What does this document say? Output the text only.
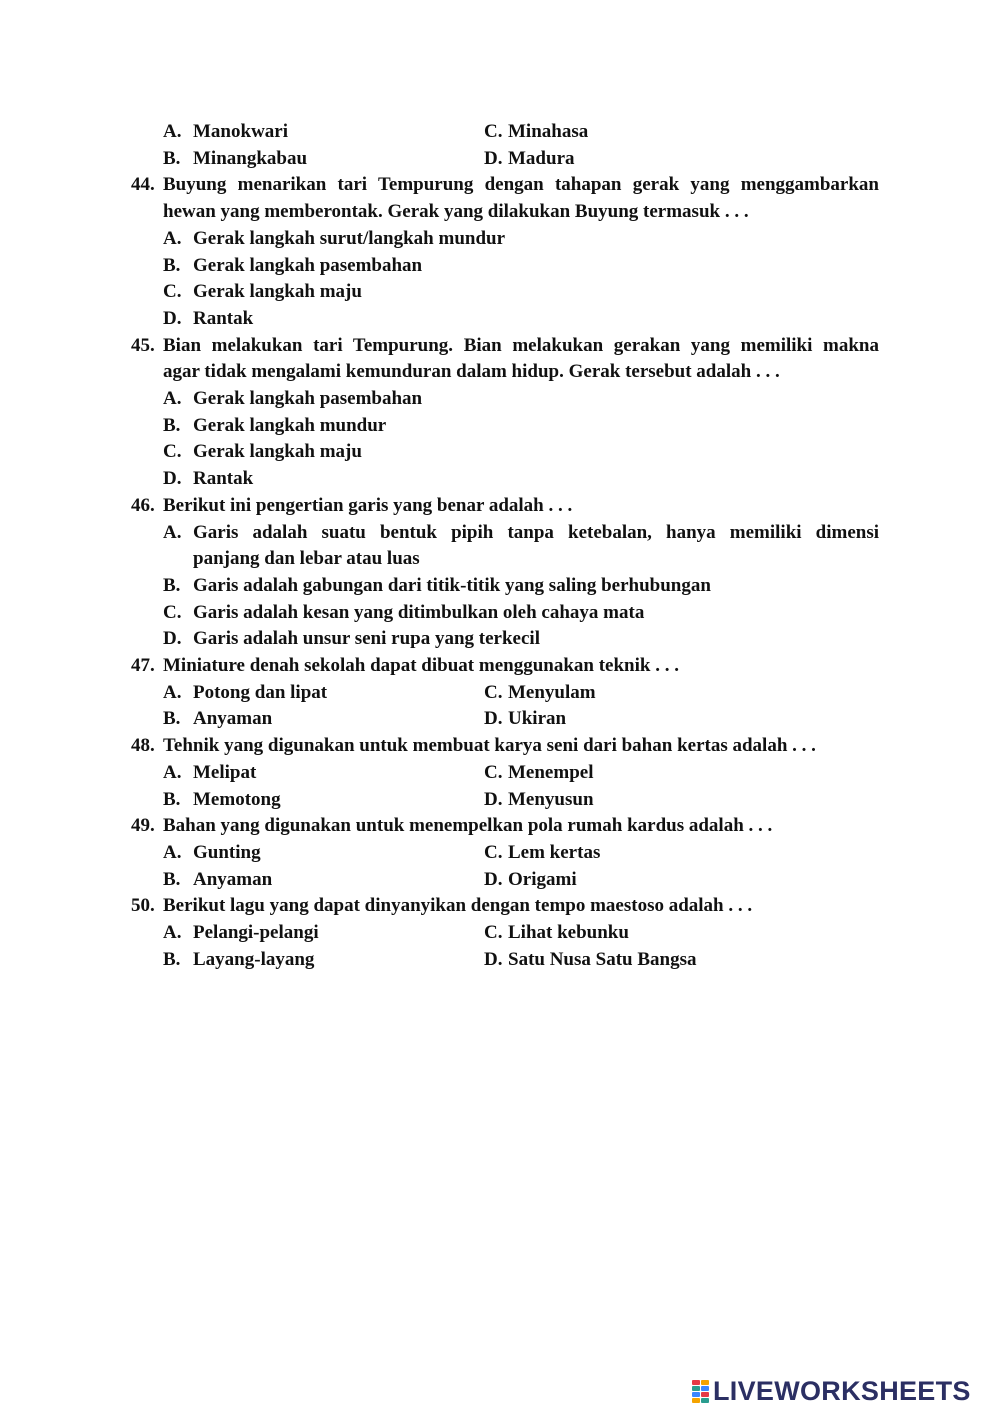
A. Manokwari	C. Minahasa
B. Minangkabau	D. Madura
44. Buyung menarikan tari Tempurung dengan tahapan gerak yang menggambarkan
hewan yang memberontak. Gerak yang dilakukan Buyung termasuk . . .
A. Gerak langkah surut/langkah mundur
B. Gerak langkah pasembahan
C. Gerak langkah maju
D. Rantak
45. Bian melakukan tari Tempurung. Bian melakukan gerakan yang memiliki makna
agar tidak mengalami kemunduran dalam hidup. Gerak tersebut adalah . . .
A. Gerak langkah pasembahan
B. Gerak langkah mundur
C. Gerak langkah maju
D. Rantak
46. Berikut ini pengertian garis yang benar adalah . . .
A. Garis adalah suatu bentuk pipih tanpa ketebalan, hanya memiliki dimensi
panjang dan lebar atau luas
B. Garis adalah gabungan dari titik-titik yang saling berhubungan
C. Garis adalah kesan yang ditimbulkan oleh cahaya mata
D. Garis adalah unsur seni rupa yang terkecil
47. Miniature denah sekolah dapat dibuat menggunakan teknik . . .
A. Potong dan lipat	C. Menyulam
B. Anyaman	D. Ukiran
48. Tehnik yang digunakan untuk membuat karya seni dari bahan kertas adalah . . .
A. Melipat	C. Menempel
B. Memotong	D. Menyusun
49. Bahan yang digunakan untuk menempelkan pola rumah kardus adalah . . .
A. Gunting	C. Lem kertas
B. Anyaman	D. Origami
50. Berikut lagu yang dapat dinyanyikan dengan tempo maestoso adalah . . .
A. Pelangi-pelangi	C. Lihat kebunku
B. Layang-layang	D. Satu Nusa Satu Bangsa
LIVEWORKSHEETS
